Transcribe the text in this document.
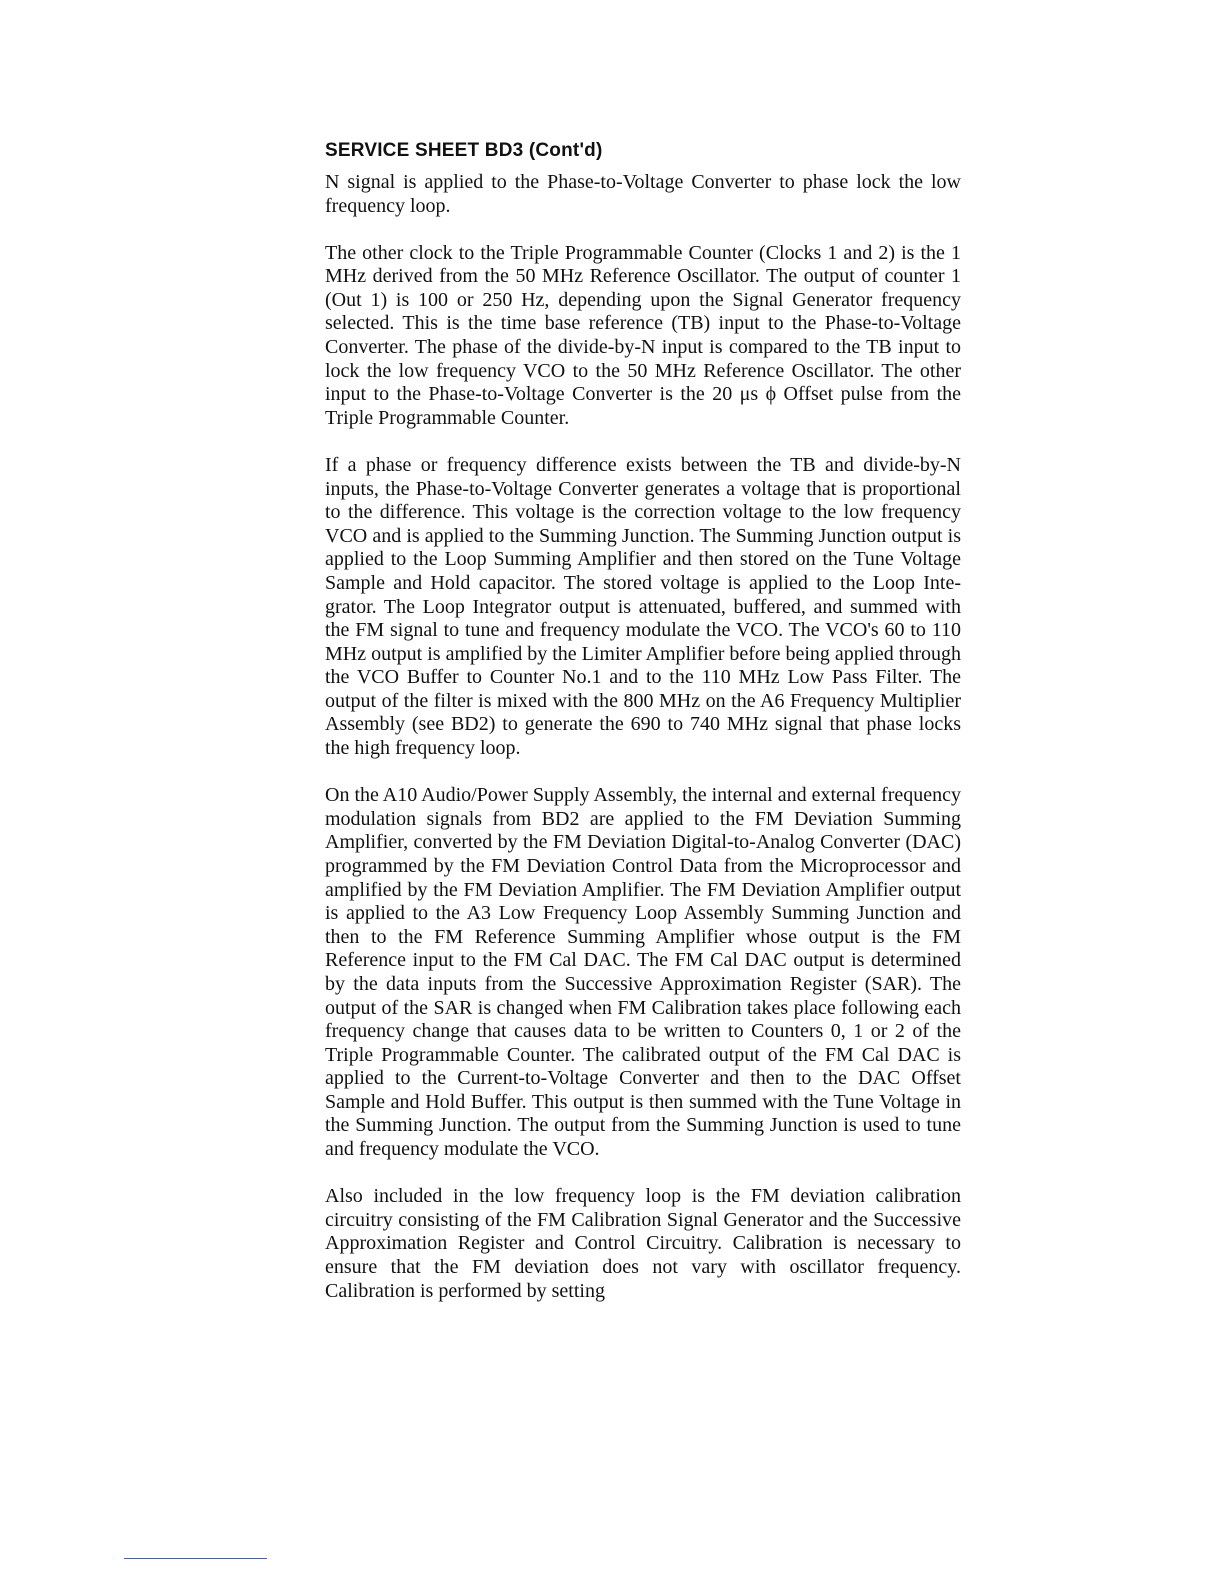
SERVICE SHEET BD3 (Cont'd)

N signal is applied to the Phase-to-Voltage Converter to phase lock the low frequency loop.

The other clock to the Triple Programmable Counter (Clocks 1 and 2) is the 1 MHz derived from the 50 MHz Reference Oscillator. The output of counter 1 (Out 1) is 100 or 250 Hz, depending upon the Signal Generator frequency selected. This is the time base reference (TB) input to the Phase-to-Voltage Converter. The phase of the divide-by-N input is compared to the TB input to lock the low frequency VCO to the 50 MHz Reference Oscillator. The other input to the Phase-to-Voltage Converter is the 20 μs ϕ Offset pulse from the Triple Programmable Counter.

If a phase or frequency difference exists between the TB and divide-by-N inputs, the Phase-to-Voltage Converter generates a voltage that is proportional to the difference. This voltage is the correction voltage to the low frequency VCO and is applied to the Summing Junction. The Summing Junction output is applied to the Loop Summing Amplifier and then stored on the Tune Voltage Sample and Hold capacitor. The stored voltage is applied to the Loop Integrator. The Loop Integrator output is attenuated, buffered, and summed with the FM signal to tune and frequency modulate the VCO. The VCO's 60 to 110 MHz output is amplified by the Limiter Amplifier before being applied through the VCO Buffer to Counter No.1 and to the 110 MHz Low Pass Filter. The output of the filter is mixed with the 800 MHz on the A6 Frequency Multiplier Assembly (see BD2) to generate the 690 to 740 MHz signal that phase locks the high frequency loop.

On the A10 Audio/Power Supply Assembly, the internal and external frequency modulation signals from BD2 are applied to the FM Deviation Summing Amplifier, converted by the FM Deviation Digital-to-Analog Converter (DAC) programmed by the FM Deviation Control Data from the Microprocessor and amplified by the FM Deviation Amplifier. The FM Deviation Amplifier output is applied to the A3 Low Frequency Loop Assembly Summing Junction and then to the FM Reference Summing Amplifier whose output is the FM Reference input to the FM Cal DAC. The FM Cal DAC output is determined by the data inputs from the Successive Approximation Register (SAR). The output of the SAR is changed when FM Calibration takes place following each frequency change that causes data to be written to Counters 0, 1 or 2 of the Triple Programmable Counter. The calibrated output of the FM Cal DAC is applied to the Current-to-Voltage Converter and then to the DAC Offset Sample and Hold Buffer. This output is then summed with the Tune Voltage in the Summing Junction. The output from the Summing Junction is used to tune and frequency modulate the VCO.

Also included in the low frequency loop is the FM deviation calibration circuitry consisting of the FM Calibration Signal Generator and the Successive Approximation Register and Control Circuitry. Calibration is necessary to ensure that the FM deviation does not vary with oscillator frequency. Calibration is performed by setting
